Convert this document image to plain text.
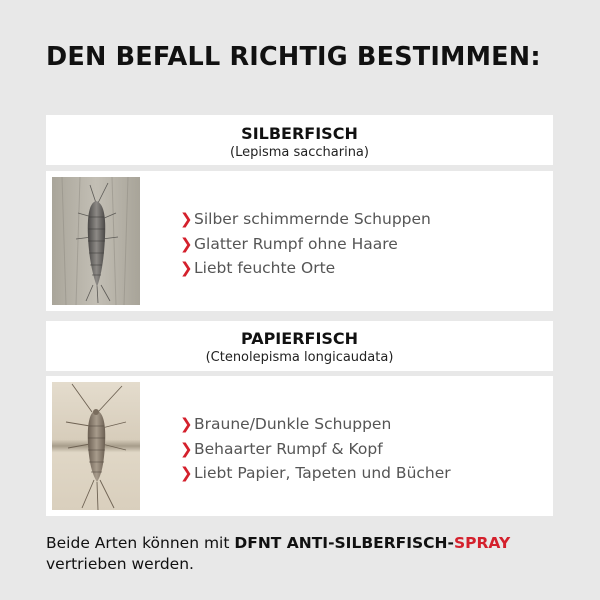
DEN BEFALL RICHTIG BESTIMMEN:
SILBERFISCH
(Lepisma saccharina)
❯Silber schimmernde Schuppen
❯Glatter Rumpf ohne Haare
❯Liebt feuchte Orte
PAPIERFISCH
(Ctenolepisma longicaudata)
❯Braune/Dunkle Schuppen
❯Behaarter Rumpf & Kopf
❯Liebt Papier, Tapeten und Bücher
Beide Arten können mit DFNT ANTI-SILBERFISCH-SPRAY
vertrieben werden.
